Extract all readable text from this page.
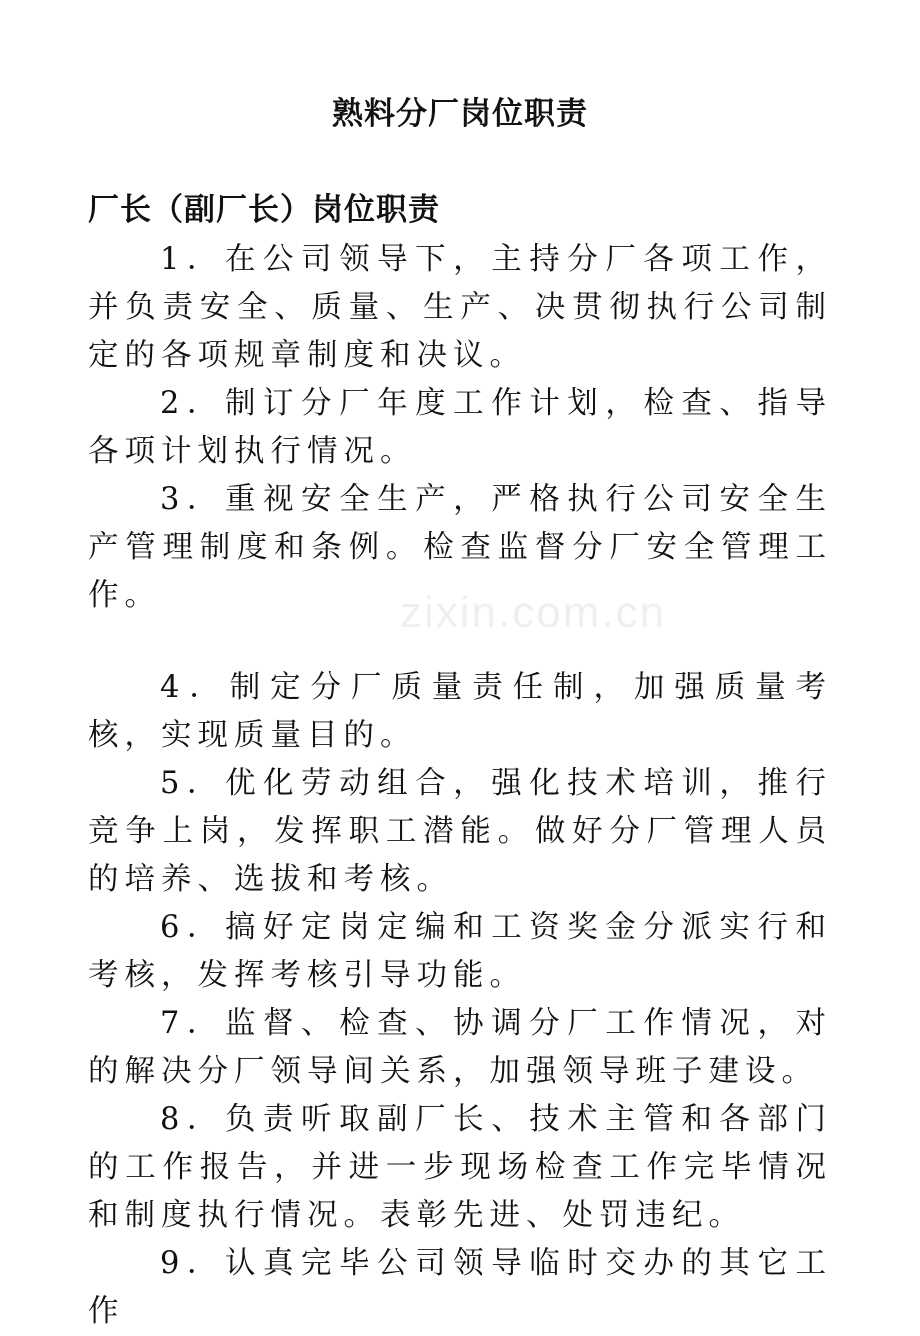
熟料分厂岗位职责
厂长（副厂长）岗位职责

1．在公司领导下，主持分厂各项工作，并负责安全、质量、生产、决贯彻执行公司制定的各项规章制度和决议。

2．制订分厂年度工作计划，检查、指导各项计划执行情况。

3．重视安全生产，严格执行公司安全生产管理制度和条例。检查监督分厂安全管理工作。

4．制定分厂质量责任制，加强质量考核，实现质量目的。

5．优化劳动组合，强化技术培训，推行竞争上岗，发挥职工潜能。做好分厂管理人员的培养、选拔和考核。

6．搞好定岗定编和工资奖金分派实行和考核，发挥考核引导功能。

7．监督、检查、协调分厂工作情况，对的解决分厂领导间关系，加强领导班子建设。

8．负责听取副厂长、技术主管和各部门的工作报告，并进一步现场检查工作完毕情况和制度执行情况。表彰先进、处罚违纪。

9．认真完毕公司领导临时交办的其它工作

zixin.com.cn
